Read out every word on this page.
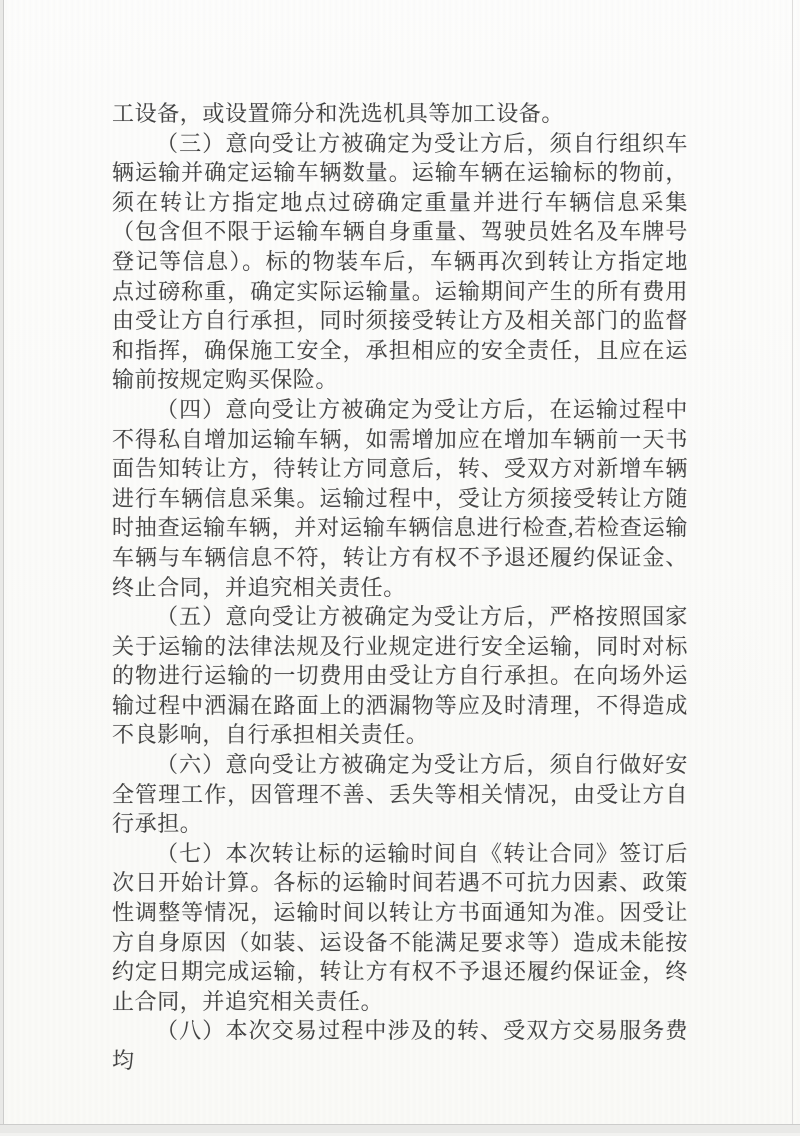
工设备，或设置筛分和洗选机具等加工设备。

（三）意向受让方被确定为受让方后，须自行组织车辆运输并确定运输车辆数量。运输车辆在运输标的物前，须在转让方指定地点过磅确定重量并进行车辆信息采集（包含但不限于运输车辆自身重量、驾驶员姓名及车牌号登记等信息）。标的物装车后，车辆再次到转让方指定地点过磅称重，确定实际运输量。运输期间产生的所有费用由受让方自行承担，同时须接受转让方及相关部门的监督和指挥，确保施工安全，承担相应的安全责任，且应在运输前按规定购买保险。

（四）意向受让方被确定为受让方后，在运输过程中不得私自增加运输车辆，如需增加应在增加车辆前一天书面告知转让方，待转让方同意后，转、受双方对新增车辆进行车辆信息采集。运输过程中，受让方须接受转让方随时抽查运输车辆，并对运输车辆信息进行检查,若检查运输车辆与车辆信息不符，转让方有权不予退还履约保证金、终止合同，并追究相关责任。

（五）意向受让方被确定为受让方后，严格按照国家关于运输的法律法规及行业规定进行安全运输，同时对标的物进行运输的一切费用由受让方自行承担。在向场外运输过程中洒漏在路面上的洒漏物等应及时清理，不得造成不良影响，自行承担相关责任。

（六）意向受让方被确定为受让方后，须自行做好安全管理工作，因管理不善、丢失等相关情况，由受让方自行承担。

（七）本次转让标的运输时间自《转让合同》签订后次日开始计算。各标的运输时间若遇不可抗力因素、政策性调整等情况，运输时间以转让方书面通知为准。因受让方自身原因（如装、运设备不能满足要求等）造成未能按约定日期完成运输，转让方有权不予退还履约保证金，终止合同，并追究相关责任。

（八）本次交易过程中涉及的转、受双方交易服务费均
